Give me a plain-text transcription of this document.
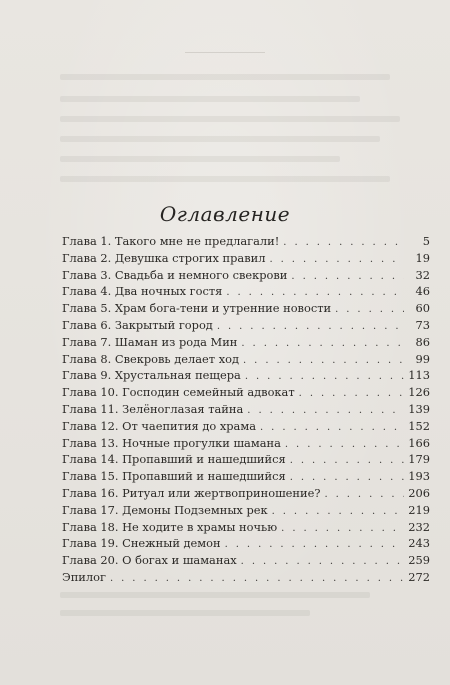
Оглавление
Глава 1. Такого мне не предлагали! . . .	5
Глава 2. Девушка строгих правил . . .	19
Глава 3. Свадьба и немного свекрови . . .	32
Глава 4. Два ночных гостя . . .	46
Глава 5. Храм бога-тени и утренние новости . . .	60
Глава 6. Закрытый город . . .	73
Глава 7. Шаман из рода Мин . . .	86
Глава 8. Свекровь делает ход . . .	99
Глава 9. Хрустальная пещера . . .	113
Глава 10. Господин семейный адвокат . . .	126
Глава 11. Зелёноглазая тайна . . .	139
Глава 12. От чаепития до храма . . .	152
Глава 13. Ночные прогулки шамана . . .	166
Глава 14. Пропавший и нашедшийся . . .	179
Глава 15. Пропавший и нашедшийся . . .	193
Глава 16. Ритуал или жертвоприношение? . . .	206
Глава 17. Демоны Подземных рек . . .	219
Глава 18. Не ходите в храмы ночью . . .	232
Глава 19. Снежный демон . . .	243
Глава 20. О богах и шаманах . . .	259
Эпилог . . .	272
